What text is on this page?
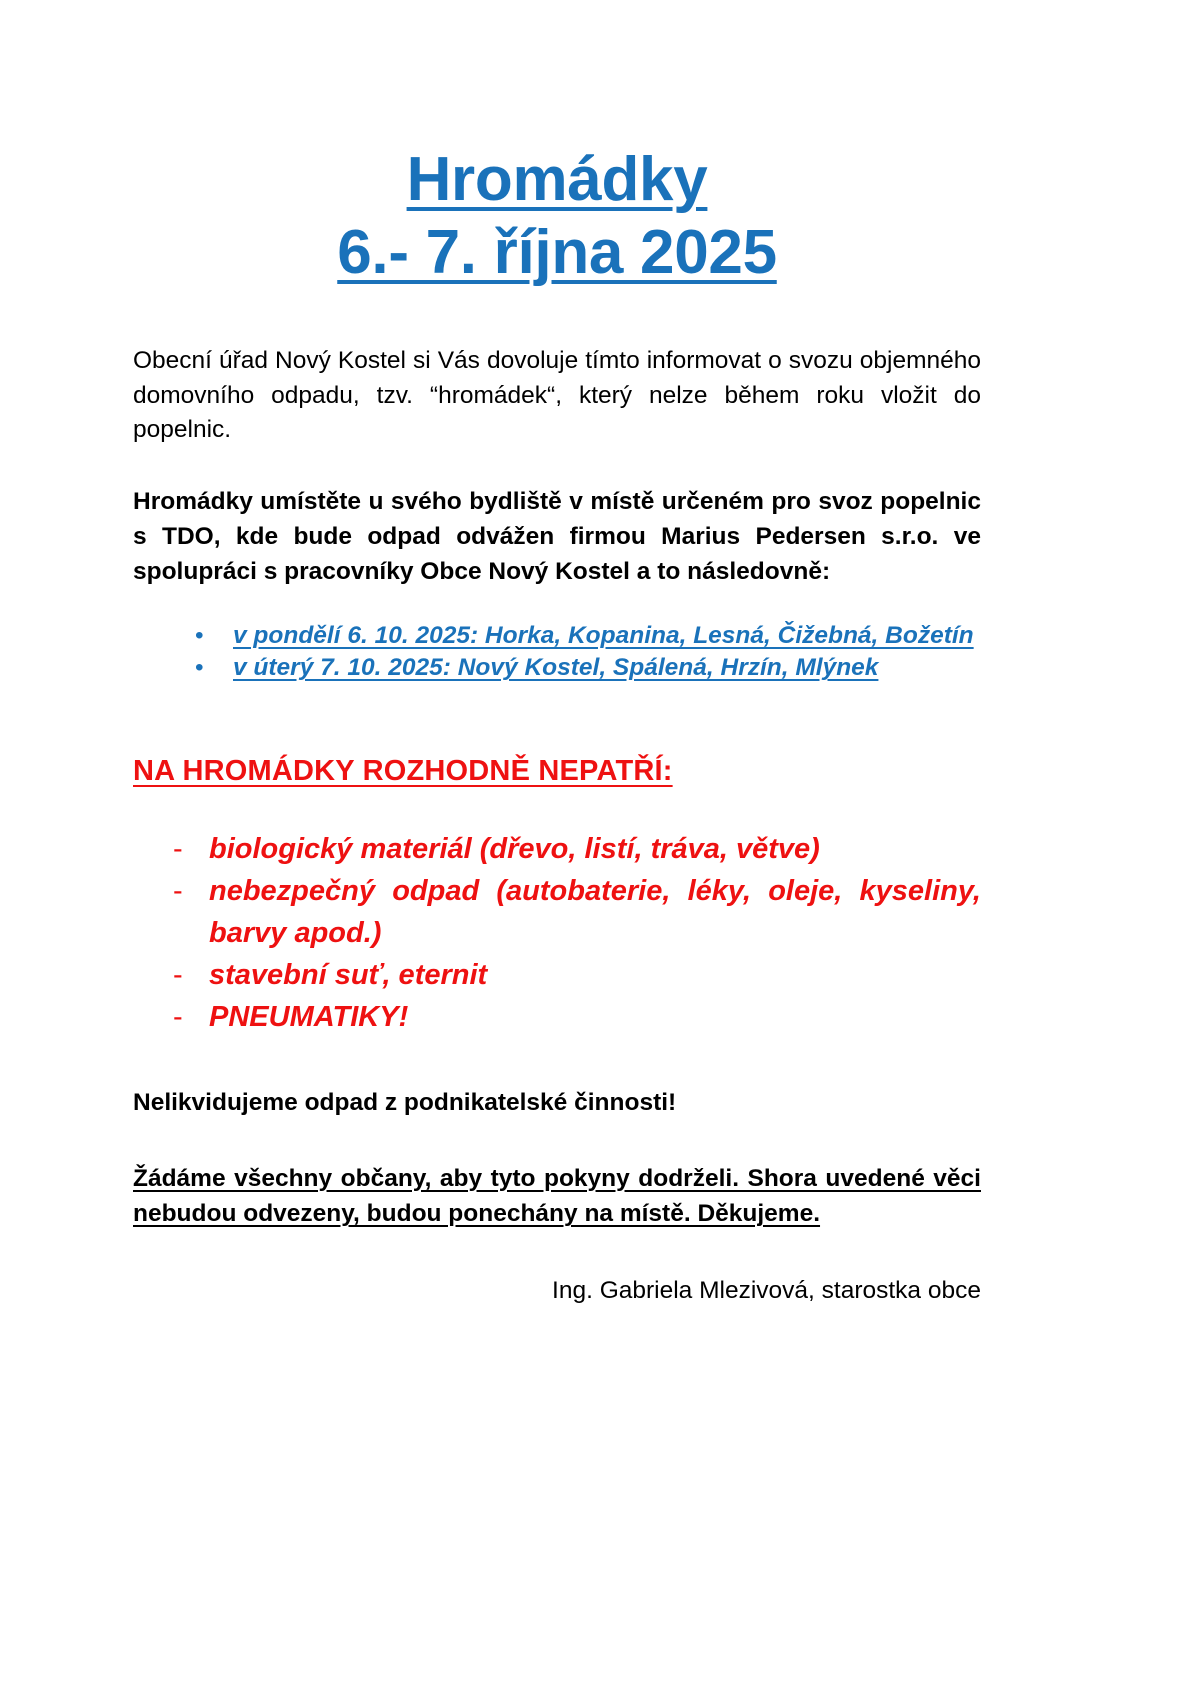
Hromádky
6.- 7. října 2025

Obecní úřad Nový Kostel si Vás dovoluje tímto informovat o svozu objemného domovního odpadu, tzv. “hromádek“, který nelze během roku vložit do popelnic.

Hromádky umístěte u svého bydliště v místě určeném pro svoz popelnic s TDO, kde bude odpad odvážen firmou Marius Pedersen s.r.o. ve spolupráci s pracovníky Obce Nový Kostel a to následovně:

• v pondělí 6. 10. 2025: Horka, Kopanina, Lesná, Čižebná, Božetín
• v úterý 7. 10. 2025: Nový Kostel, Spálená, Hrzín, Mlýnek
NA HROMÁDKY ROZHODNĚ NEPATŘÍ:
- biologický materiál (dřevo, listí, tráva, větve)
- nebezpečný odpad (autobaterie, léky, oleje, kyseliny, barvy apod.)
- stavební suť, eternit
- PNEUMATIKY!

Nelikvidujeme odpad z podnikatelské činnosti!

Žádáme všechny občany, aby tyto pokyny dodrželi. Shora uvedené věci nebudou odvezeny, budou ponechány na místě. Děkujeme.

Ing. Gabriela Mlezivová, starostka obce
